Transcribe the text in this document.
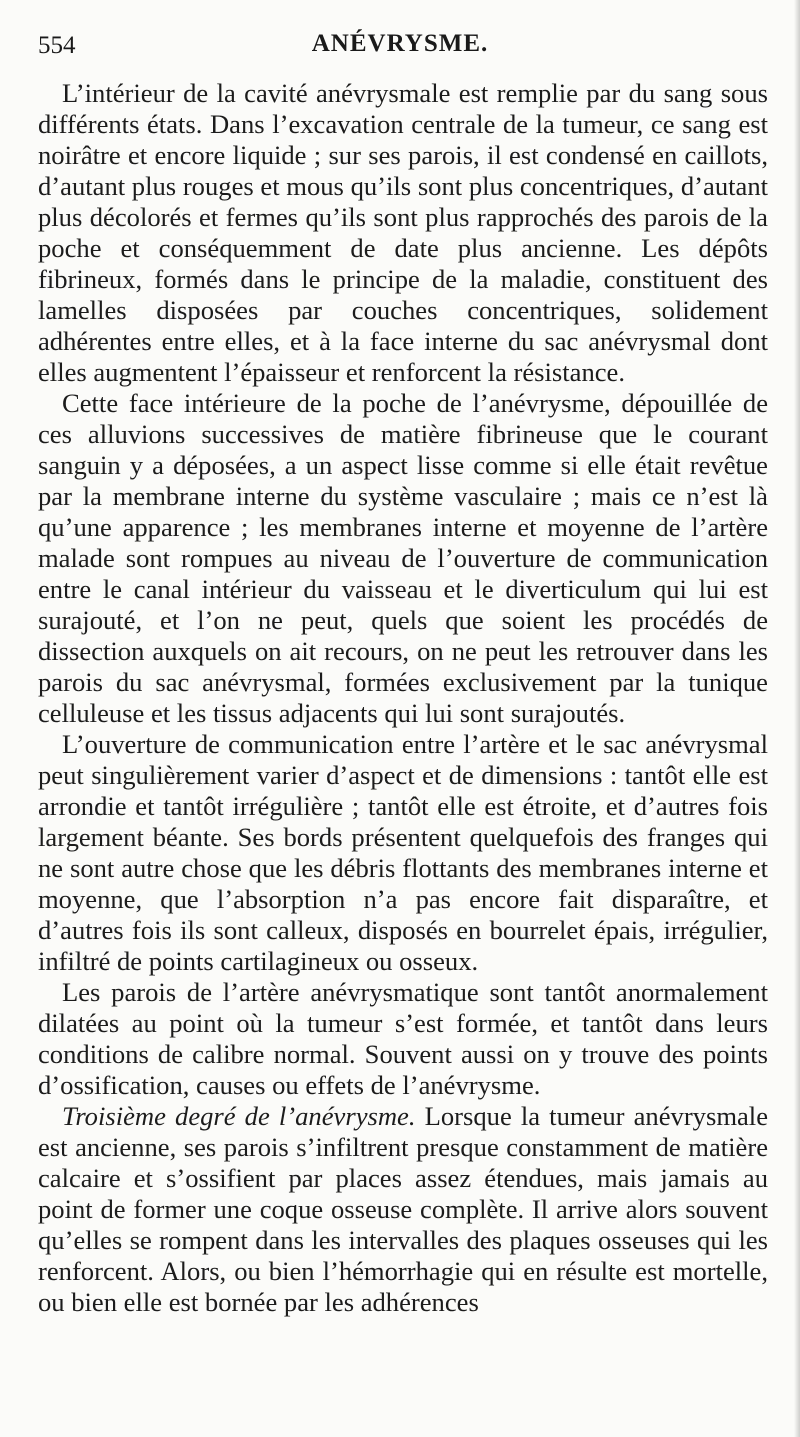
554	ANÉVRYSME.

L’intérieur de la cavité anévrysmale est remplie par du sang sous différents états. Dans l’excavation centrale de la tumeur, ce sang est noirâtre et encore liquide ; sur ses parois, il est condensé en caillots, d’autant plus rouges et mous qu’ils sont plus concentriques, d’autant plus décolorés et fermes qu’ils sont plus rapprochés des parois de la poche et conséquemment de date plus ancienne. Les dépôts fibrineux, formés dans le principe de la maladie, constituent des lamelles disposées par couches concentriques, solidement adhérentes entre elles, et à la face interne du sac anévrysmal dont elles augmentent l’épaisseur et renforcent la résistance.

Cette face intérieure de la poche de l’anévrysme, dépouillée de ces alluvions successives de matière fibrineuse que le courant sanguin y a déposées, a un aspect lisse comme si elle était revêtue par la membrane interne du système vasculaire ; mais ce n’est là qu’une apparence ; les membranes interne et moyenne de l’artère malade sont rompues au niveau de l’ouverture de communication entre le canal intérieur du vaisseau et le diverticulum qui lui est surajouté, et l’on ne peut, quels que soient les procédés de dissection auxquels on ait recours, on ne peut les retrouver dans les parois du sac anévrysmal, formées exclusivement par la tunique celluleuse et les tissus adjacents qui lui sont surajoutés.

L’ouverture de communication entre l’artère et le sac anévrysmal peut singulièrement varier d’aspect et de dimensions : tantôt elle est arrondie et tantôt irrégulière ; tantôt elle est étroite, et d’autres fois largement béante. Ses bords présentent quelquefois des franges qui ne sont autre chose que les débris flottants des membranes interne et moyenne, que l’absorption n’a pas encore fait disparaître, et d’autres fois ils sont calleux, disposés en bourrelet épais, irrégulier, infiltré de points cartilagineux ou osseux.

Les parois de l’artère anévrysmatique sont tantôt anormalement dilatées au point où la tumeur s’est formée, et tantôt dans leurs conditions de calibre normal. Souvent aussi on y trouve des points d’ossification, causes ou effets de l’anévrysme.

Troisième degré de l’anévrysme. Lorsque la tumeur anévrysmale est ancienne, ses parois s’infiltrent presque constamment de matière calcaire et s’ossifient par places assez étendues, mais jamais au point de former une coque osseuse complète. Il arrive alors souvent qu’elles se rompent dans les intervalles des plaques osseuses qui les renforcent. Alors, ou bien l’hémorrhagie qui en résulte est mortelle, ou bien elle est bornée par les adhérences
